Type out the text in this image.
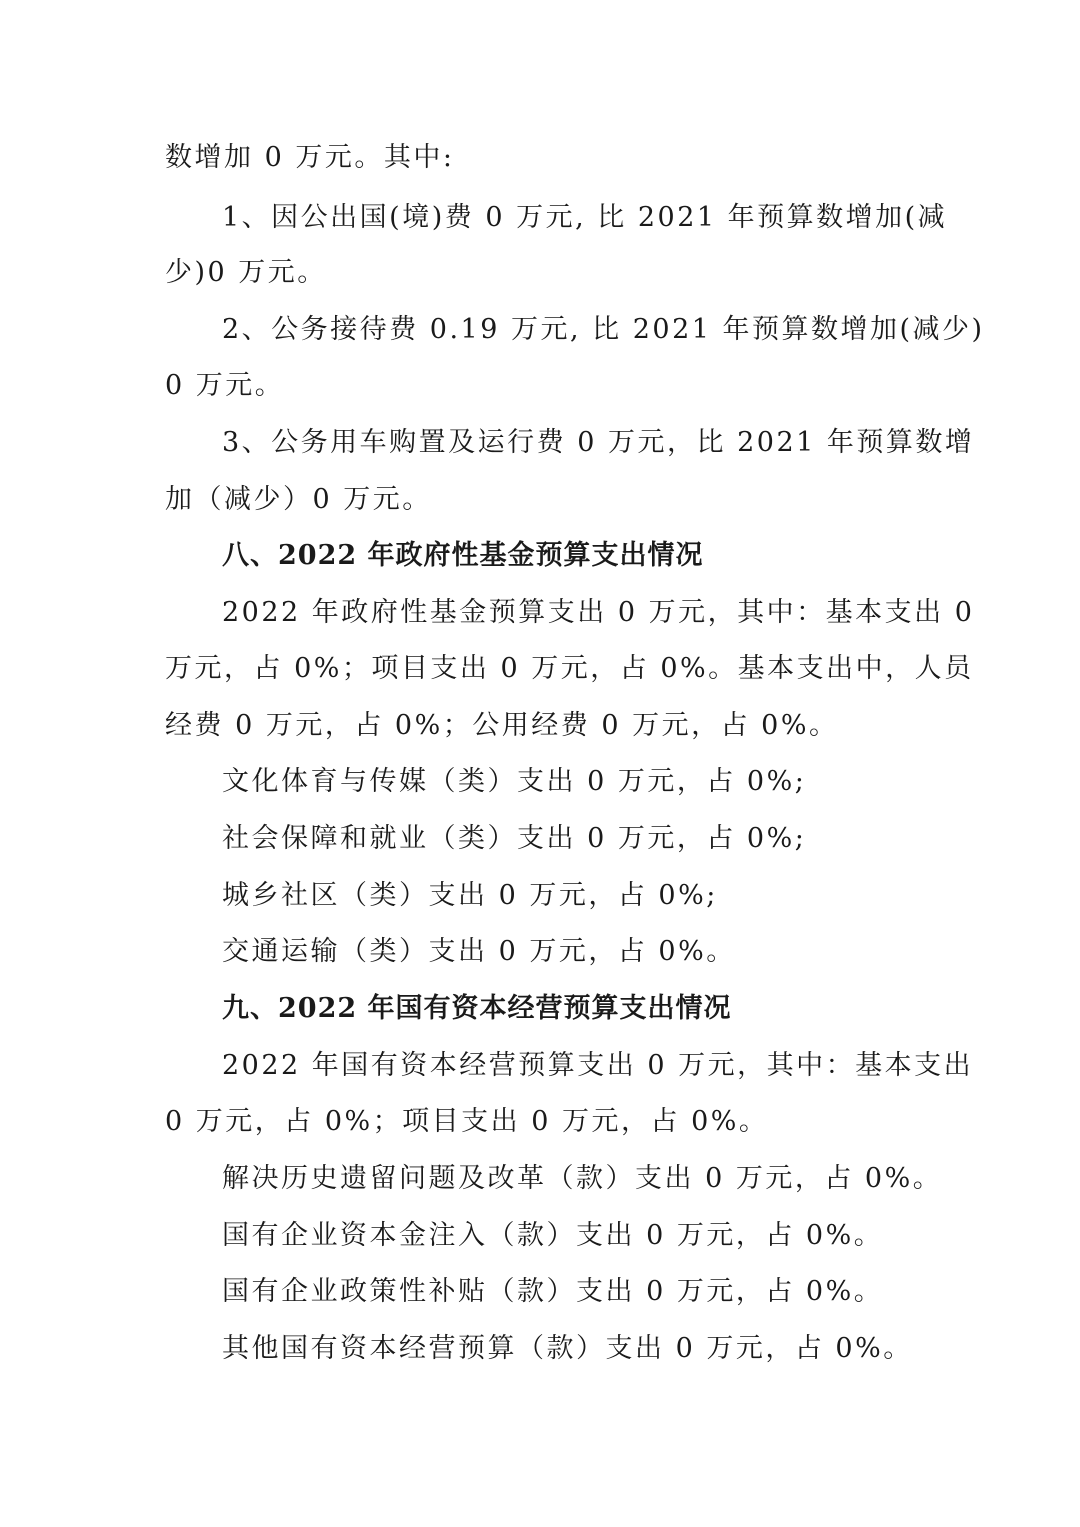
数增加 0 万元。其中:
1、因公出国(境)费 0 万元, 比 2021 年预算数增加(减
少)0 万元。
2、公务接待费 0.19 万元, 比 2021 年预算数增加(减少)
0 万元。
3、公务用车购置及运行费 0 万元，比 2021 年预算数增
加（减少）0 万元。
八、2022 年政府性基金预算支出情况
2022 年政府性基金预算支出 0 万元，其中：基本支出 0
万元，占 0%；项目支出 0 万元，占 0%。基本支出中，人员
经费 0 万元，占 0%；公用经费 0 万元，占 0%。
文化体育与传媒（类）支出 0 万元，占 0%;
社会保障和就业（类）支出 0 万元，占 0%;
城乡社区（类）支出 0 万元，占 0%;
交通运输（类）支出 0 万元，占 0%。
九、2022 年国有资本经营预算支出情况
2022 年国有资本经营预算支出 0 万元，其中：基本支出
0 万元，占 0%；项目支出 0 万元，占 0%。
解决历史遗留问题及改革（款）支出 0 万元，占 0%。
国有企业资本金注入（款）支出 0 万元，占 0%。
国有企业政策性补贴（款）支出 0 万元，占 0%。
其他国有资本经营预算（款）支出 0 万元，占 0%。
